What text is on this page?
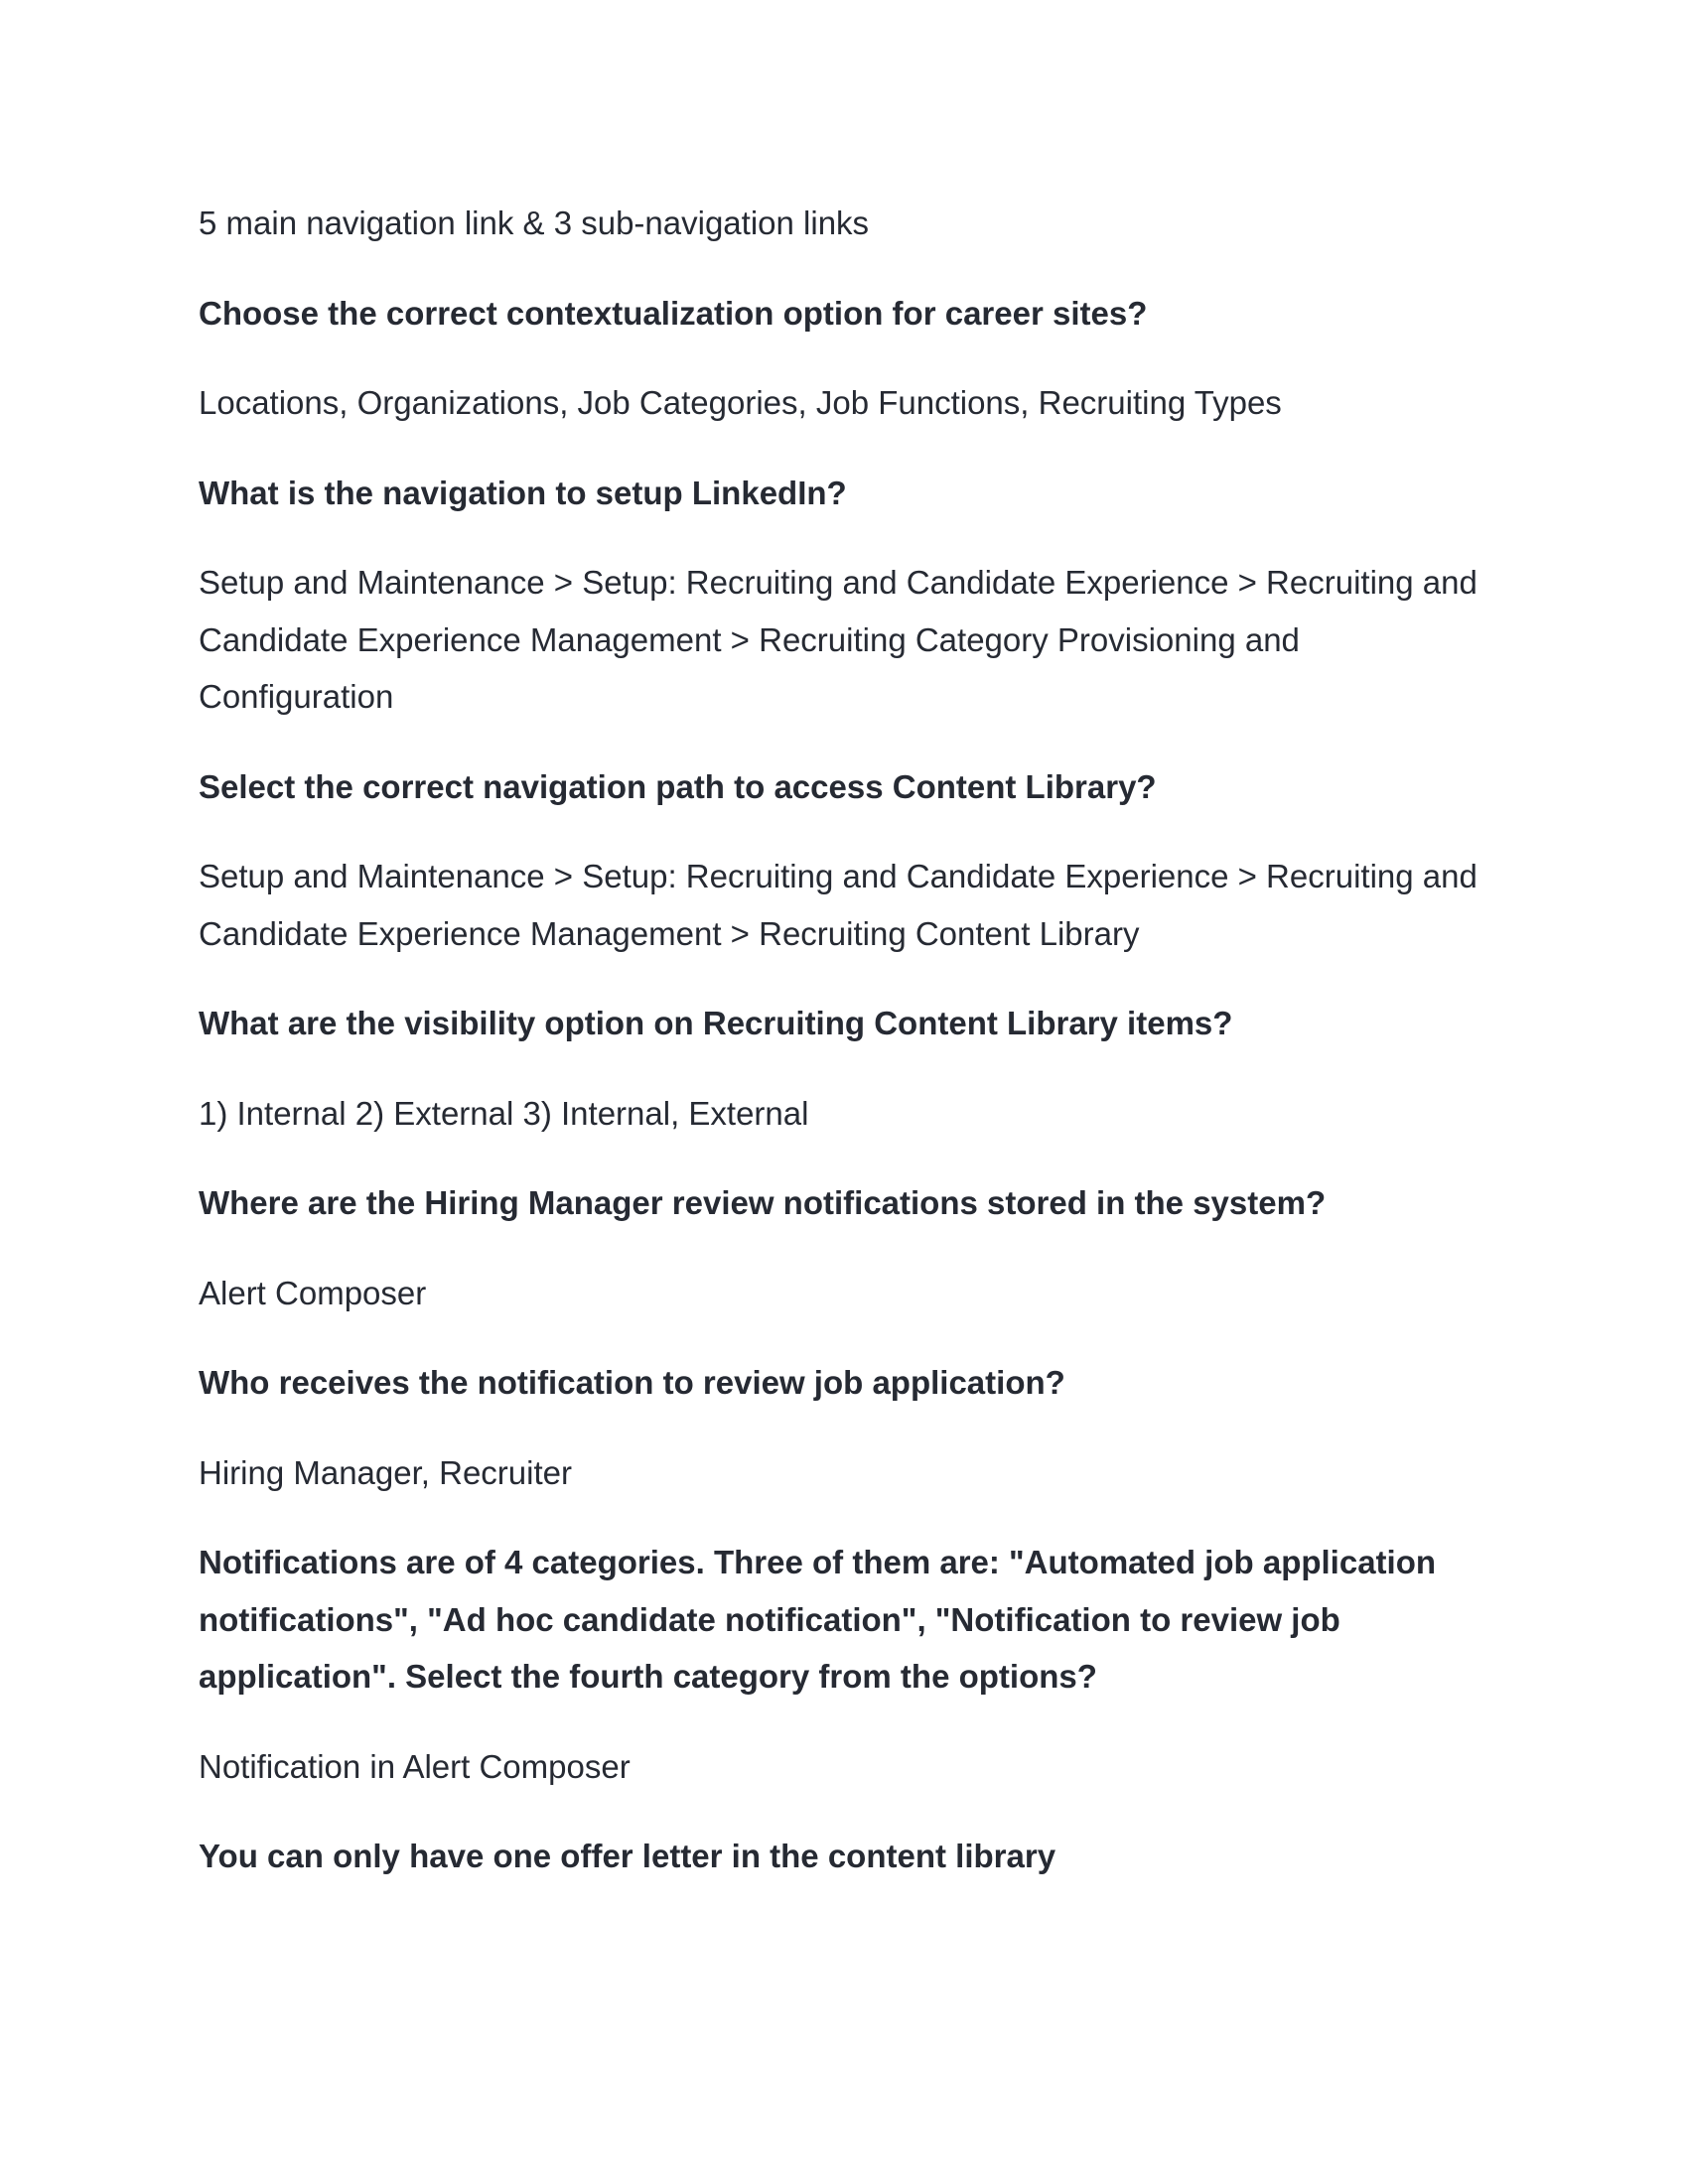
5 main navigation link & 3 sub-navigation links

Choose the correct contextualization option for career sites?

Locations, Organizations, Job Categories, Job Functions, Recruiting Types

What is the navigation to setup LinkedIn?

Setup and Maintenance > Setup: Recruiting and Candidate Experience > Recruiting and Candidate Experience Management > Recruiting Category Provisioning and Configuration

Select the correct navigation path to access Content Library?

Setup and Maintenance > Setup: Recruiting and Candidate Experience > Recruiting and Candidate Experience Management > Recruiting Content Library

What are the visibility option on Recruiting Content Library items?

1) Internal 2) External 3) Internal, External

Where are the Hiring Manager review notifications stored in the system?

Alert Composer

Who receives the notification to review job application?

Hiring Manager, Recruiter

Notifications are of 4 categories. Three of them are: "Automated job application notifications", "Ad hoc candidate notification", "Notification to review job application". Select the fourth category from the options?

Notification in Alert Composer

You can only have one offer letter in the content library
